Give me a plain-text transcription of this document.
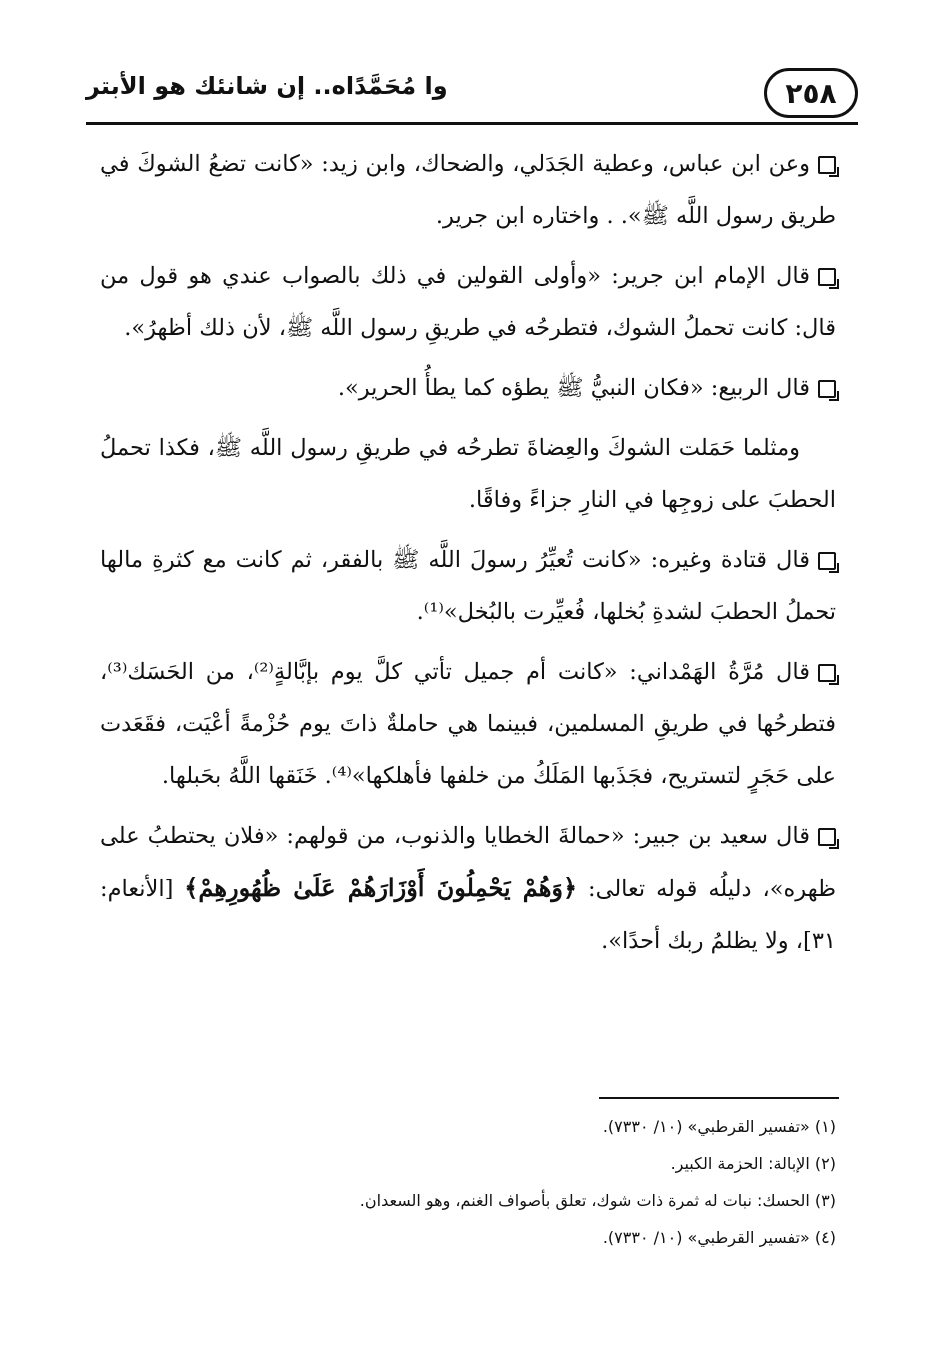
٢٥٨
وا مُحَمَّدًاه.. إن شانئك هو الأبتر

وعن ابن عباس، وعطية الجَدَلي، والضحاك، وابن زيد: «كانت تضعُ الشوكَ في طريق رسول اللَّه ﷺ». . واختاره ابن جرير.

قال الإمام ابن جرير: «وأولى القولين في ذلك بالصواب عندي هو قول من قال: كانت تحملُ الشوك، فتطرحُه في طريقِ رسول اللَّه ﷺ، لأن ذلك أظهرُ».

قال الربيع: «فكان النبيُّ ﷺ يطؤه كما يطأُ الحرير».

ومثلما حَمَلت الشوكَ والعِضاةَ تطرحُه في طريقِ رسول اللَّه ﷺ، فكذا تحملُ الحطبَ على زوجِها في النارِ جزاءً وفاقًا.

قال قتادة وغيره: «كانت تُعيِّرُ رسولَ اللَّه ﷺ بالفقر، ثم كانت مع كثرةِ مالها تحملُ الحطبَ لشدةِ بُخلها، فُعيِّرت بالبُخل»⁽¹⁾.

قال مُرَّةُ الهَمْداني: «كانت أم جميل تأتي كلَّ يوم بإبَّالةٍ⁽²⁾، من الحَسَك⁽³⁾، فتطرحُها في طريقِ المسلمين، فبينما هي حاملةٌ ذاتَ يوم حُزْمةً أعْيَت، فقَعَدت على حَجَرٍ لتستريح، فجَذَبها المَلَكُ من خلفها فأهلكها»⁽⁴⁾. خَنَقها اللَّهُ بحَبلها.

قال سعيد بن جبير: «حمالةَ الخطايا والذنوب، من قولهم: «فلان يحتطبُ على ظهره»، دليلُه قوله تعالى: ﴿وَهُمْ يَحْمِلُونَ أَوْزَارَهُمْ عَلَىٰ ظُهُورِهِمْ﴾ [الأنعام: ٣١]، ولا يظلمُ ربك أحدًا».

(١) «تفسير القرطبي» (١٠/ ٧٣٣٠).

(٢) الإبالة: الحزمة الكبير.

(٣) الحسك: نبات له ثمرة ذات شوك، تعلق بأصواف الغنم، وهو السعدان.

(٤) «تفسير القرطبي» (١٠/ ٧٣٣٠).
